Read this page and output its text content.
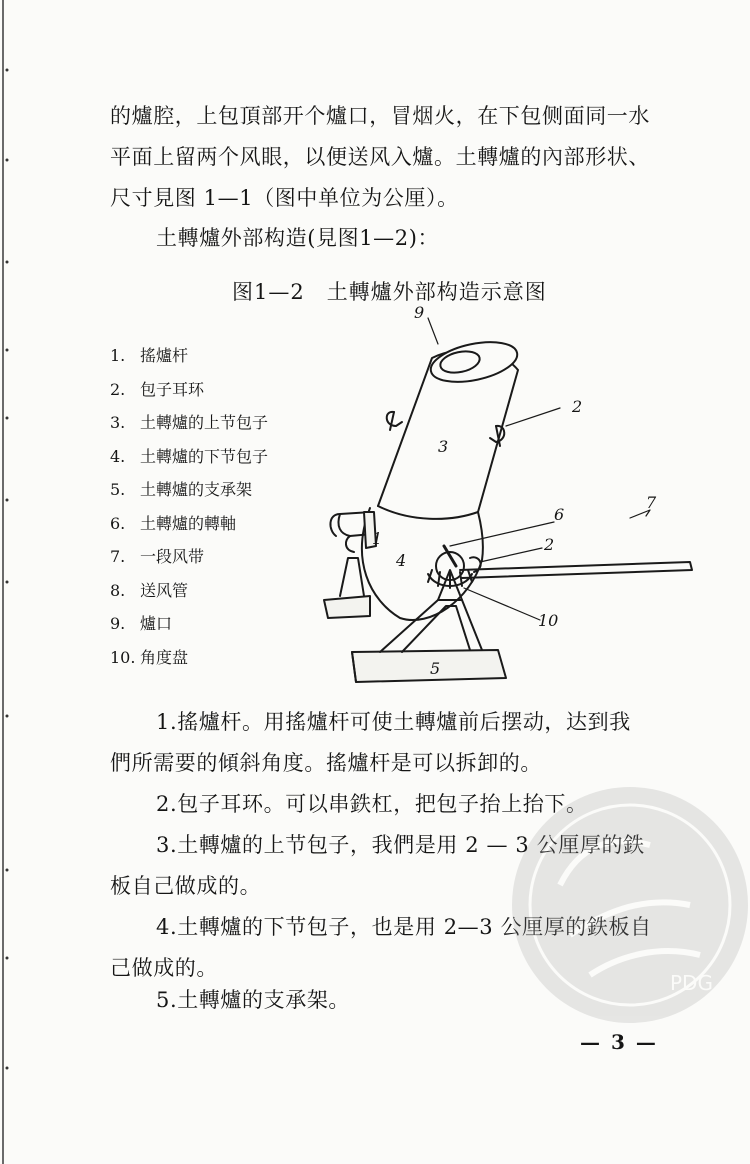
的爐腔，上包頂部开个爐口，冒烟火，在下包侧面同一水
平面上留两个风眼，以便送风入爐。土轉爐的內部形状、
尺寸見图 1—1（图中单位为公厘）。
土轉爐外部构造(見图1—2)：
图1—2　土轉爐外部构造示意图
1. 搖爐杆
2. 包子耳环
3. 土轉爐的上节包子
4. 土轉爐的下节包子
5. 土轉爐的支承架
6. 土轉爐的轉軸
7. 一段风带
8. 送风管
9. 爐口
10. 角度盘
9
2
3
1
6
7
2
4
10
5
1.搖爐杆。用搖爐杆可使土轉爐前后摆动，达到我
們所需要的傾斜角度。搖爐杆是可以拆卸的。
2.包子耳环。可以串鉄杠，把包子抬上抬下。
3.土轉爐的上节包子，我們是用 2 — 3 公厘厚的鉄
板自己做成的。
4.土轉爐的下节包子，也是用 2—3 公厘厚的鉄板自
己做成的。
5.土轉爐的支承架。
PDG
— 3 —
